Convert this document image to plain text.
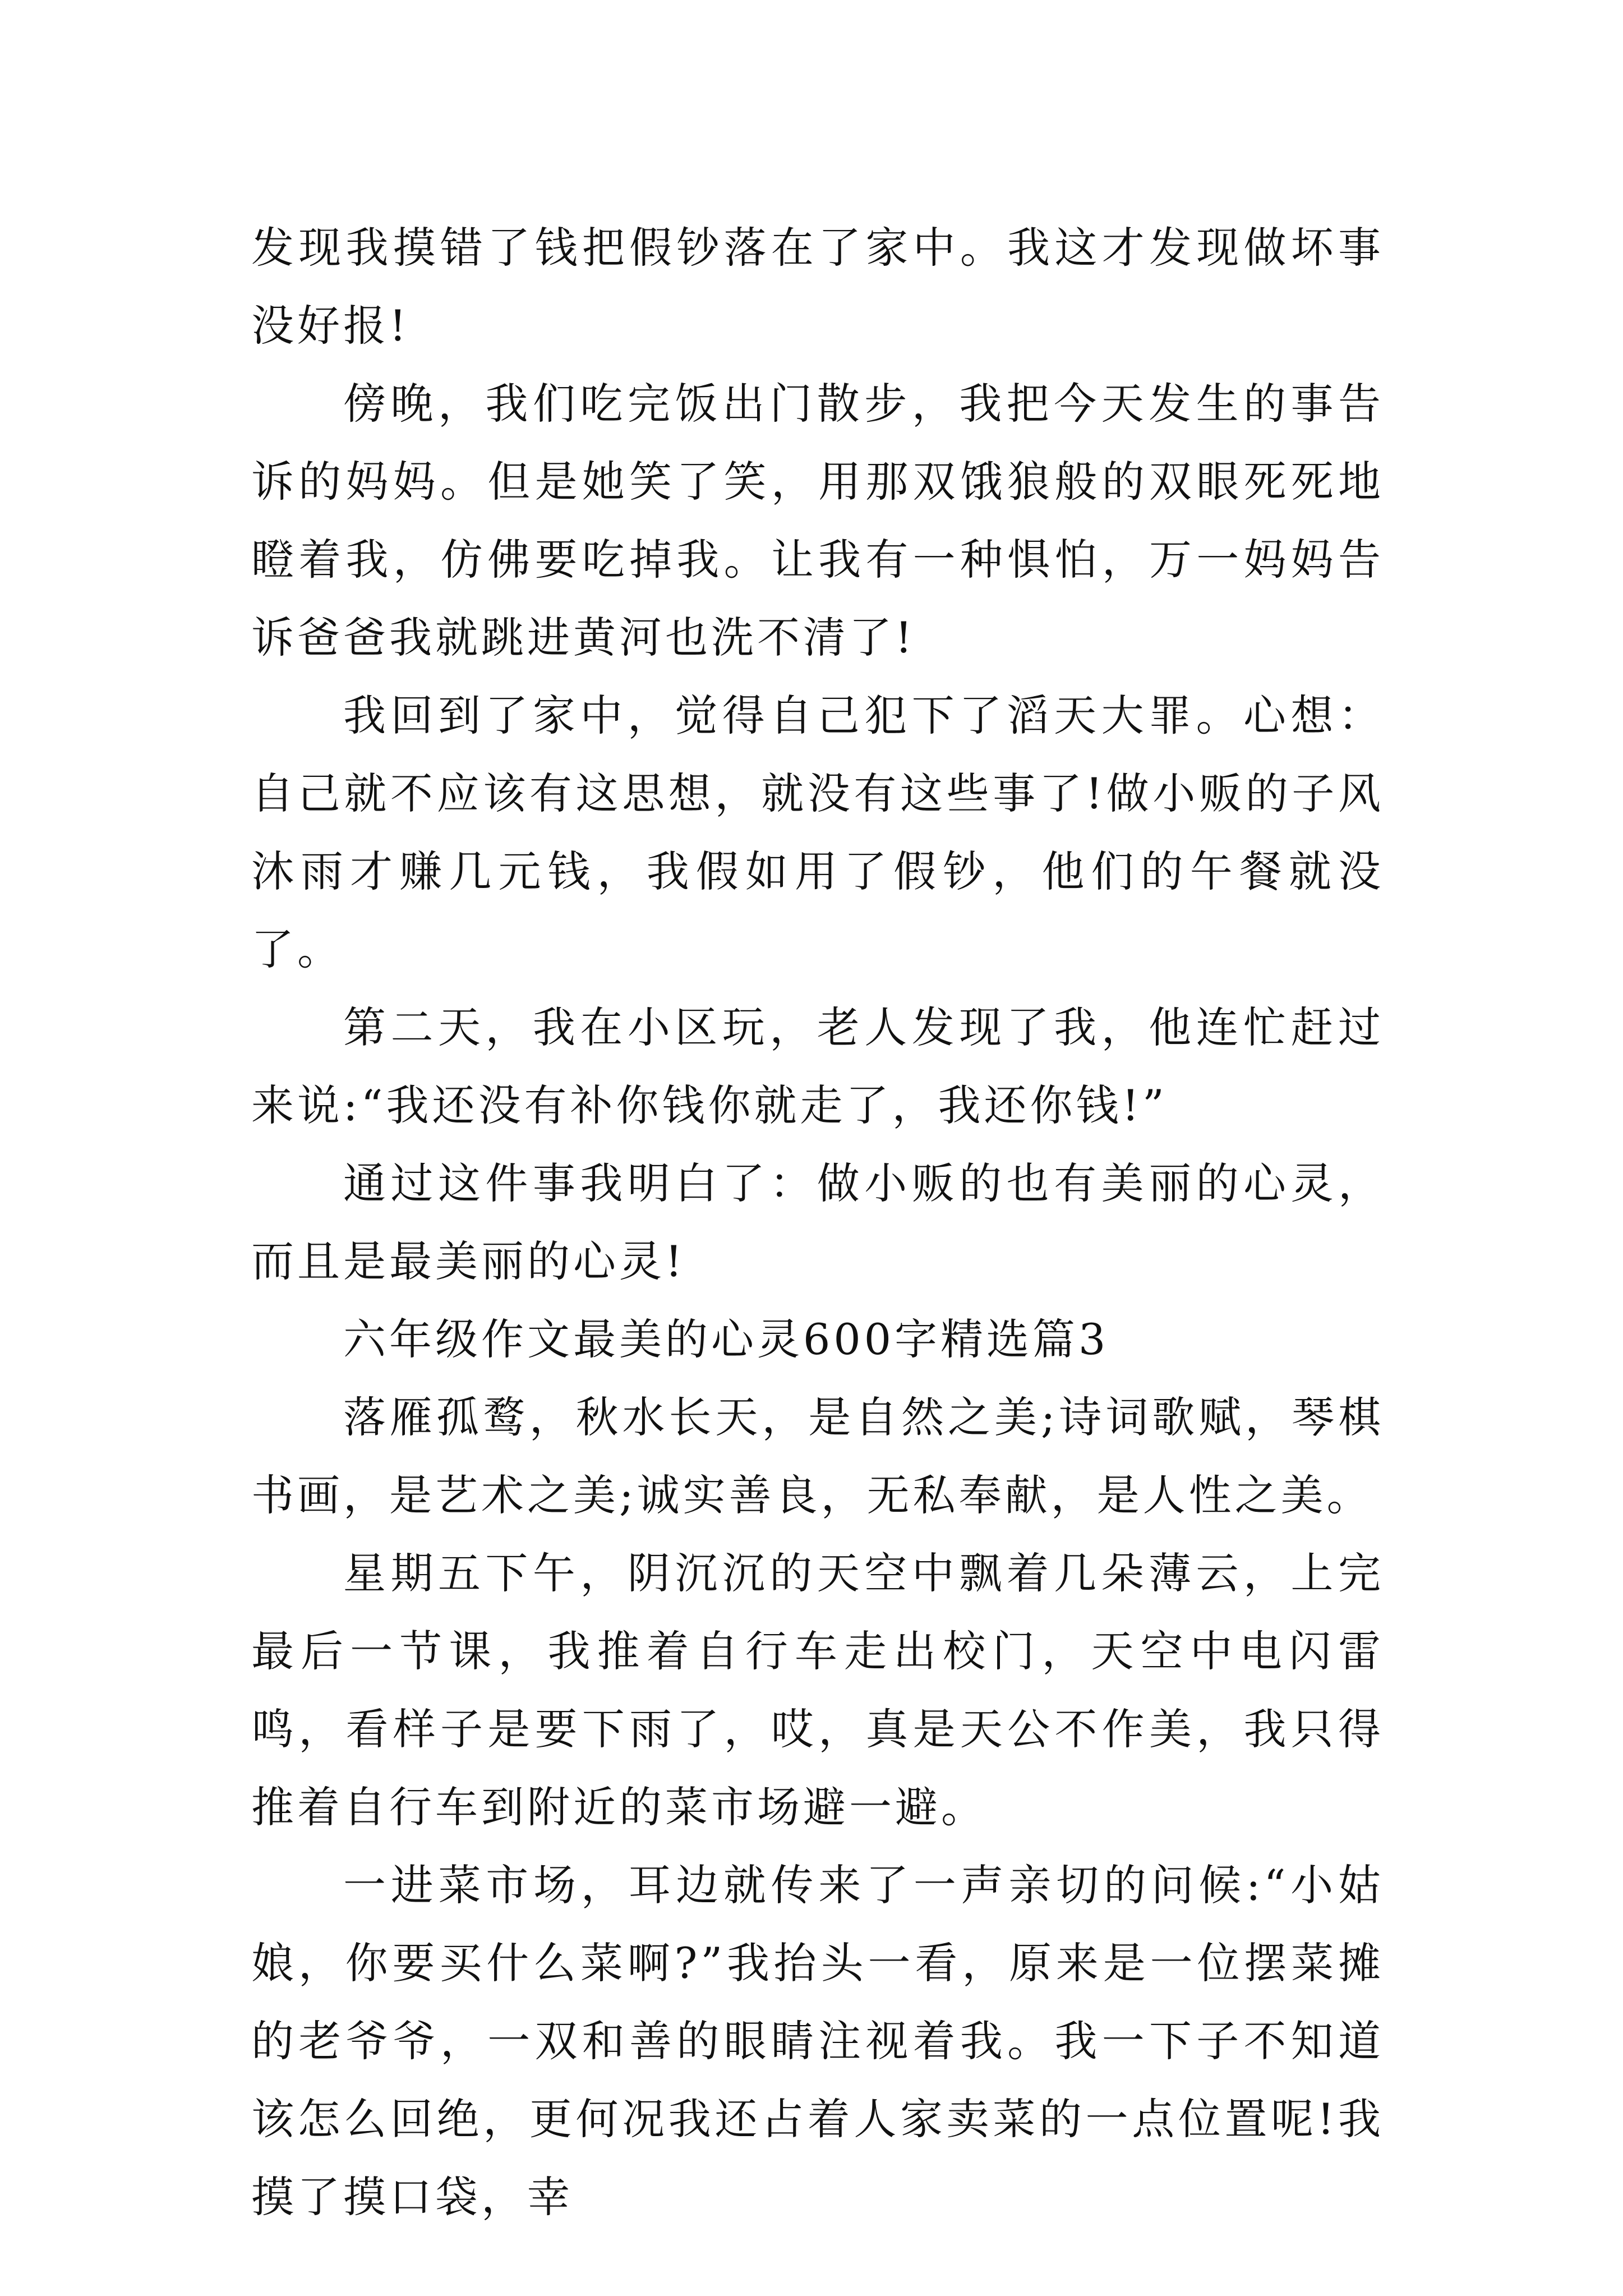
发现我摸错了钱把假钞落在了家中。我这才发现做坏事没好报!

傍晚，我们吃完饭出门散步，我把今天发生的事告诉的妈妈。但是她笑了笑，用那双饿狼般的双眼死死地瞪着我，仿佛要吃掉我。让我有一种惧怕，万一妈妈告诉爸爸我就跳进黄河也洗不清了!

我回到了家中，觉得自己犯下了滔天大罪。心想：自己就不应该有这思想，就没有这些事了!做小贩的子风沐雨才赚几元钱，我假如用了假钞，他们的午餐就没了。

第二天，我在小区玩，老人发现了我，他连忙赶过来说:“我还没有补你钱你就走了，我还你钱!”

通过这件事我明白了：做小贩的也有美丽的心灵，而且是最美丽的心灵!

六年级作文最美的心灵600字精选篇3

落雁孤鹜，秋水长天，是自然之美;诗词歌赋，琴棋书画，是艺术之美;诚实善良，无私奉献，是人性之美。

星期五下午，阴沉沉的天空中飘着几朵薄云，上完最后一节课，我推着自行车走出校门，天空中电闪雷鸣，看样子是要下雨了，哎，真是天公不作美，我只得推着自行车到附近的菜市场避一避。

一进菜市场，耳边就传来了一声亲切的问候:“小姑娘，你要买什么菜啊?”我抬头一看，原来是一位摆菜摊的老爷爷，一双和善的眼睛注视着我。我一下子不知道该怎么回绝，更何况我还占着人家卖菜的一点位置呢!我摸了摸口袋，幸
